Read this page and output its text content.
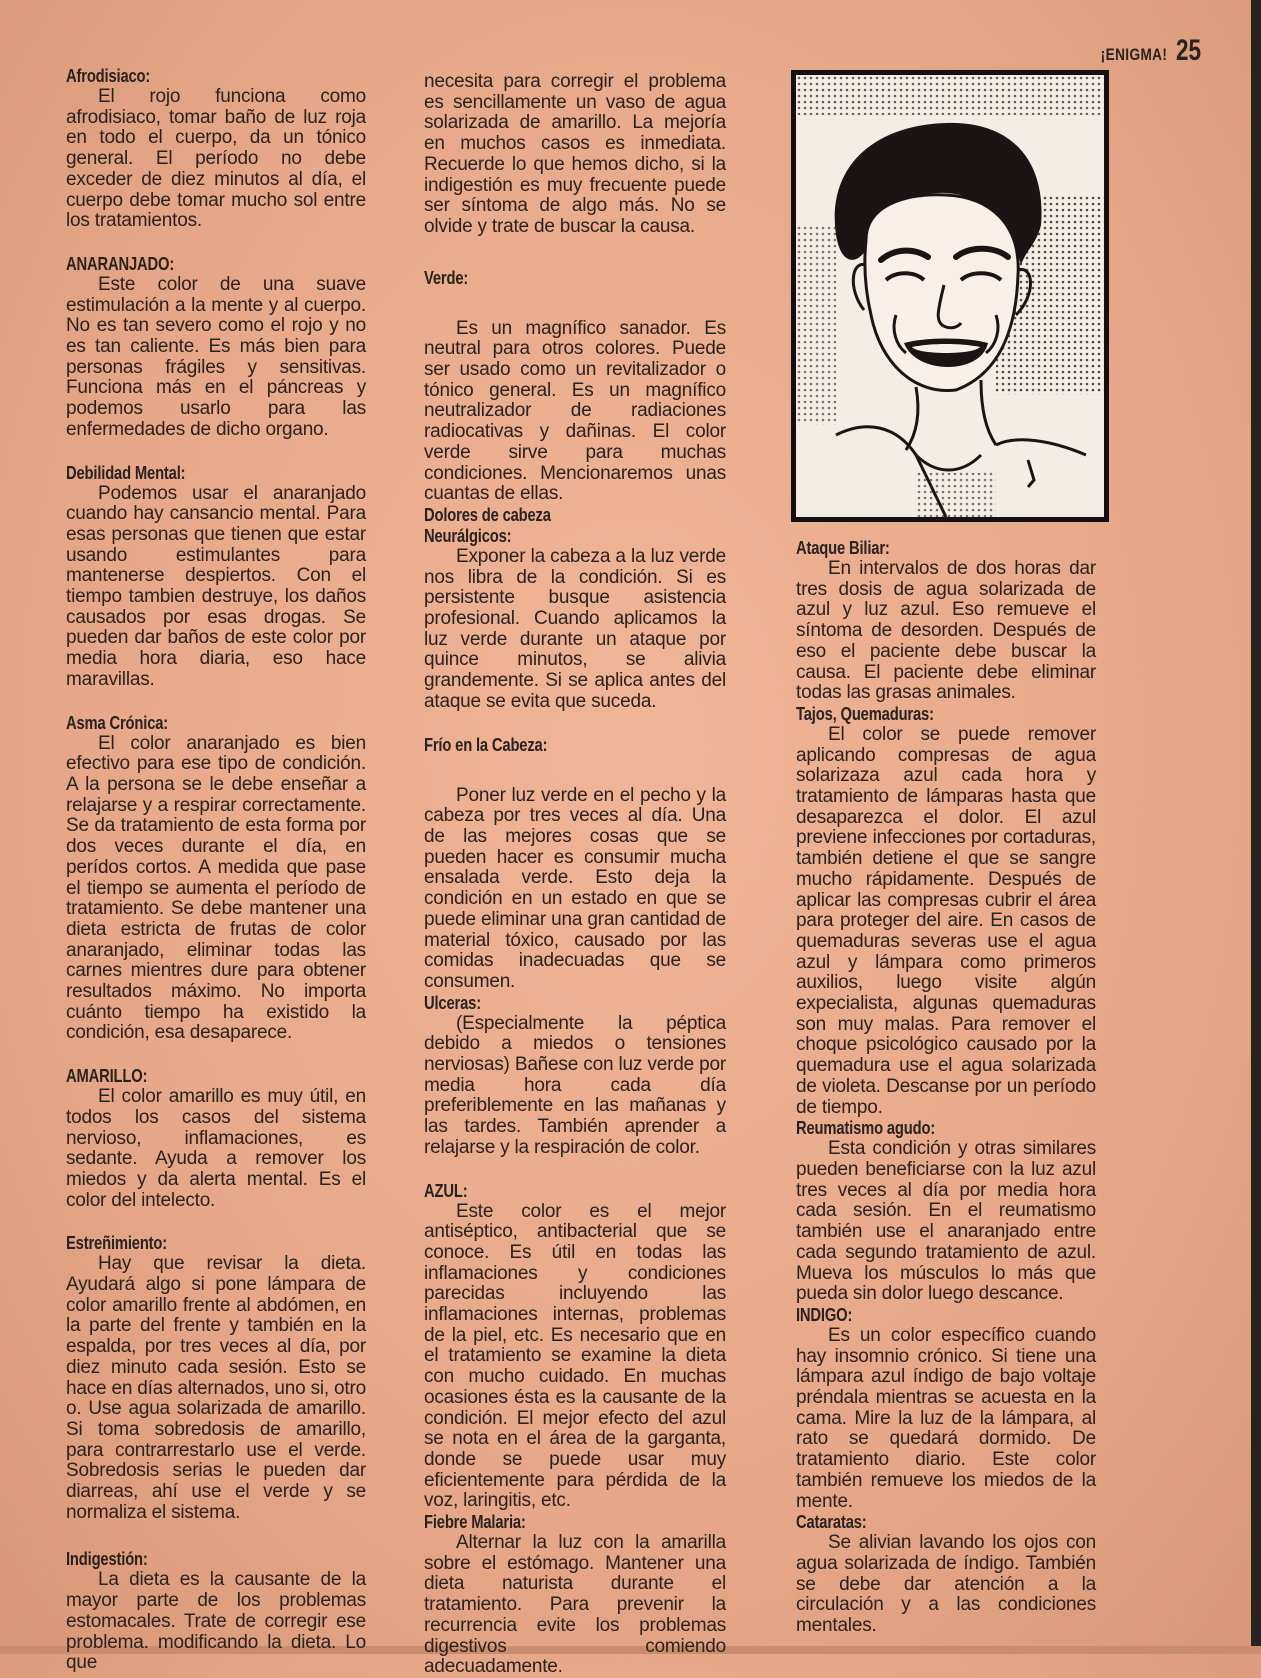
¡ENIGMA! 25
Afrodisiaco:

El rojo funciona como afrodisiaco, tomar baño de luz roja en todo el cuerpo, da un tónico general. El período no debe exceder de diez minutos al día, el cuerpo debe tomar mucho sol entre los tratamientos.

ANARANJADO:

Este color de una suave estimulación a la mente y al cuerpo. No es tan severo como el rojo y no es tan caliente. Es más bien para personas frágiles y sensitivas. Funciona más en el páncreas y podemos usarlo para las enfermedades de dicho organo.

Debilidad Mental:

Podemos usar el anaranjado cuando hay cansancio mental. Para esas personas que tienen que estar usando estimulantes para mantenerse despiertos. Con el tiempo tambien destruye, los daños causados por esas drogas. Se pueden dar baños de este color por media hora diaria, eso hace maravillas.

Asma Crónica:

El color anaranjado es bien efectivo para ese tipo de condición. A la persona se le debe enseñar a relajarse y a respirar correctamente. Se da tratamiento de esta forma por dos veces durante el día, en perídos cortos. A medida que pase el tiempo se aumenta el período de tratamiento. Se debe mantener una dieta estricta de frutas de color anaranjado, eliminar todas las carnes mientres dure para obtener resultados máximo. No importa cuánto tiempo ha existido la condición, esa desaparece.

AMARILLO:

El color amarillo es muy útil, en todos los casos del sistema nervioso, inflamaciones, es sedante. Ayuda a remover los miedos y da alerta mental. Es el color del intelecto.

Estreñimiento:

Hay que revisar la dieta. Ayudará algo si pone lámpara de color amarillo frente al abdómen, en la parte del frente y también en la espalda, por tres veces al día, por diez minuto cada sesión. Esto se hace en días alternados, uno si, otro o. Use agua solarizada de amarillo. Si toma sobredosis de amarillo, para contrarrestarlo use el verde. Sobredosis serias le pueden dar diarreas, ahí use el verde y se normaliza el sistema.

Indigestión:

La dieta es la causante de la mayor parte de los problemas estomacales. Trate de corregir ese problema. modificando la dieta. Lo que

necesita para corregir el problema es sencillamente un vaso de agua solarizada de amarillo. La mejoría en muchos casos es inmediata. Recuerde lo que hemos dicho, si la indigestión es muy frecuente puede ser síntoma de algo más. No se olvide y trate de buscar la causa.

Verde:

Es un magnífico sanador. Es neutral para otros colores. Puede ser usado como un revitalizador o tónico general. Es un magnífico neutralizador de radiaciones radiocativas y dañinas. El color verde sirve para muchas condiciones. Mencionaremos unas cuantas de ellas.

Dolores de cabeza
Neurálgicos:

Exponer la cabeza a la luz verde nos libra de la condición. Si es persistente busque asistencia profesional. Cuando aplicamos la luz verde durante un ataque por quince minutos, se alivia grandemente. Si se aplica antes del ataque se evita que suceda.

Frío en la Cabeza:

Poner luz verde en el pecho y la cabeza por tres veces al día. Una de las mejores cosas que se pueden hacer es consumir mucha ensalada verde. Esto deja la condición en un estado en que se puede eliminar una gran cantidad de material tóxico, causado por las comidas inadecuadas que se consumen.

Ulceras:

(Especialmente la péptica debido a miedos o tensiones nerviosas) Bañese con luz verde por media hora cada día preferiblemente en las mañanas y las tardes. También aprender a relajarse y la respiración de color.

AZUL:

Este color es el mejor antiséptico, antibacterial que se conoce. Es útil en todas las inflamaciones y condiciones parecidas incluyendo las inflamaciones internas, problemas de la piel, etc. Es necesario que en el tratamiento se examine la dieta con mucho cuidado. En muchas ocasiones ésta es la causante de la condición. El mejor efecto del azul se nota en el área de la garganta, donde se puede usar muy eficientemente para pérdida de la voz, laringitis, etc.

Fiebre Malaria:

Alternar la luz con la amarilla sobre el estómago. Mantener una dieta naturista durante el tratamiento. Para prevenir la recurrencia evite los problemas digestivos comiendo adecuadamente.

Ataque Biliar:

En intervalos de dos horas dar tres dosis de agua solarizada de azul y luz azul. Eso remueve el síntoma de desorden. Después de eso el paciente debe buscar la causa. El paciente debe eliminar todas las grasas animales.

Tajos, Quemaduras:

El color se puede remover aplicando compresas de agua solarizaza azul cada hora y tratamiento de lámparas hasta que desaparezca el dolor. El azul previene infecciones por cortaduras, también detiene el que se sangre mucho rápidamente. Después de aplicar las compresas cubrir el área para proteger del aire. En casos de quemaduras severas use el agua azul y lámpara como primeros auxilios, luego visite algún expecialista, algunas quemaduras son muy malas. Para remover el choque psicológico causado por la quemadura use el agua solarizada de violeta. Descanse por un período de tiempo.

Reumatismo agudo:

Esta condición y otras similares pueden beneficiarse con la luz azul tres veces al día por media hora cada sesión. En el reumatismo también use el anaranjado entre cada segundo tratamiento de azul. Mueva los músculos lo más que pueda sin dolor luego descance.

INDIGO:

Es un color específico cuando hay insomnio crónico. Si tiene una lámpara azul índigo de bajo voltaje préndala mientras se acuesta en la cama. Mire la luz de la lámpara, al rato se quedará dormido. De tratamiento diario. Este color también remueve los miedos de la mente.

Cataratas:

Se alivian lavando los ojos con agua solarizada de índigo. También se debe dar atención a la circulación y a las condiciones mentales.
